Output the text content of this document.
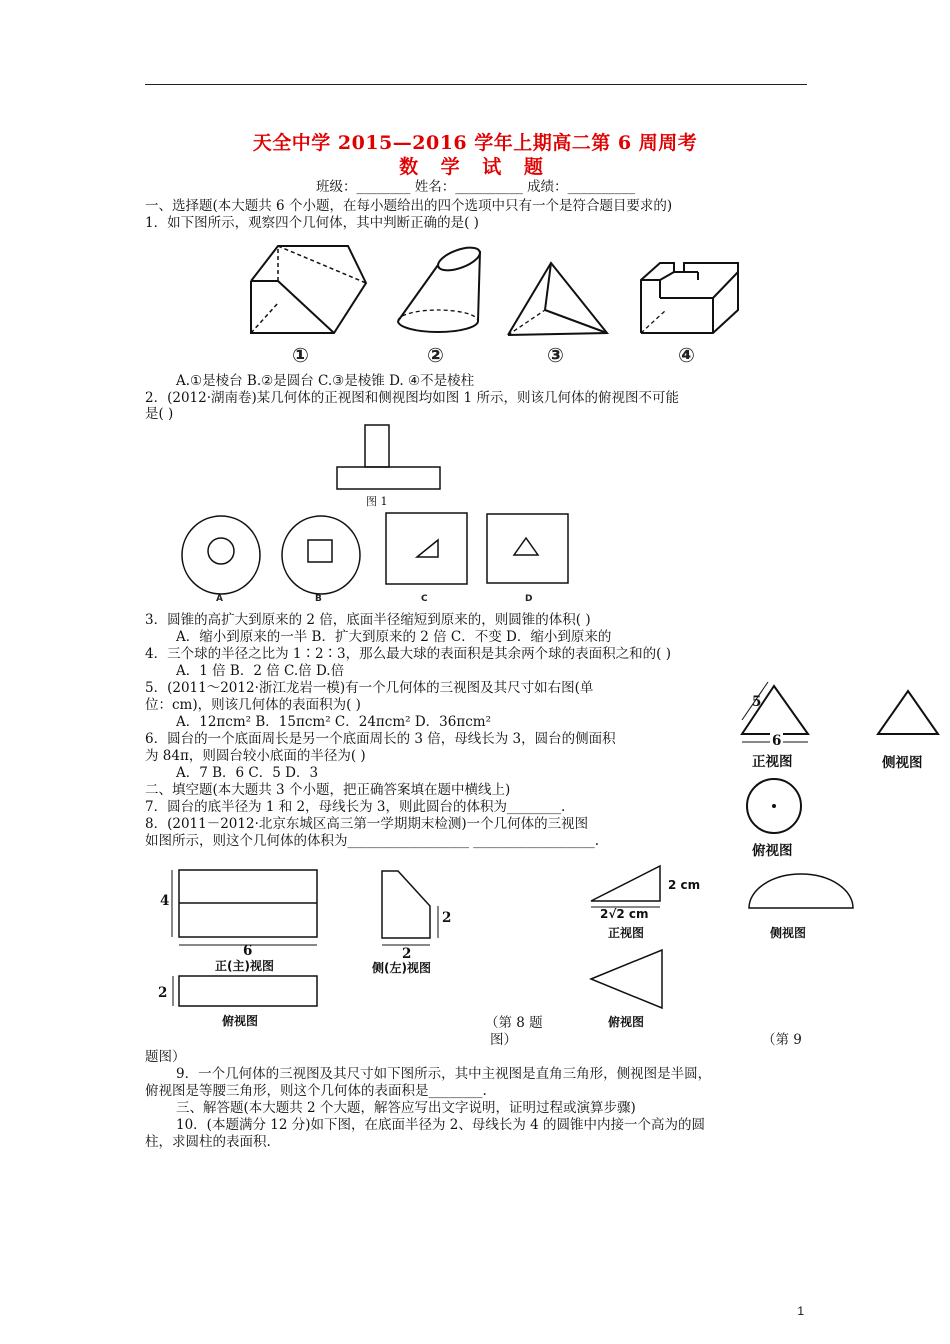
天全中学 2015—2016 学年上期高二第 6 周周考
数 学 试 题
班级：________ 姓名：__________ 成绩：__________
一、选择题(本大题共 6 个小题，在每小题给出的四个选项中只有一个是符合题目要求的)
1．如下图所示，观察四个几何体，其中判断正确的是( )
①	②	③	④
A.①是棱台 B.②是圆台 C.③是棱锥 D. ④不是棱柱
2．(2012·湖南卷)某几何体的正视图和侧视图均如图 1 所示，则该几何体的俯视图不可能
是( )
图 1
A	B	C	D
3．圆锥的高扩大到原来的 2 倍，底面半径缩短到原来的，则圆锥的体积( )
A．缩小到原来的一半 B．扩大到原来的 2 倍 C．不变 D．缩小到原来的
4．三个球的半径之比为 1∶2∶3，那么最大球的表面积是其余两个球的表面积之和的( )
A．1 倍 B．2 倍 C.倍 D.倍
5．(2011～2012·浙江龙岩一模)有一个几何体的三视图及其尺寸如右图(单
位：cm)，则该几何体的表面积为( )
A．12πcm² B．15πcm² C．24πcm² D．36πcm²
6．圆台的一个底面周长是另一个底面周长的 3 倍，母线长为 3，圆台的侧面积
为 84π，则圆台较小底面的半径为( )
A．7 B．6 C．5 D．3
5
6
正视图	侧视图
俯视图
二、填空题(本大题共 3 个小题，把正确答案填在题中横线上)
7．圆台的底半径为 1 和 2，母线长为 3，则此圆台的体积为________.
8．(2011－2012·北京东城区高三第一学期期末检测)一个几何体的三视图
如图所示，则这个几何体的体积为__________________ __________________.
4
6
正(主)视图
2
2
侧(左)视图
2
俯视图
2 cm
2√2 cm
正视图	侧视图
俯视图
（第 8 题
图）	（第 9
题图）
9．一个几何体的三视图及其尺寸如下图所示，其中主视图是直角三角形，侧视图是半圆，
俯视图是等腰三角形，则这个几何体的表面积是________.
三、解答题(本大题共 2 个大题，解答应写出文字说明，证明过程或演算步骤)
10．(本题满分 12 分)如下图，在底面半径为 2、母线长为 4 的圆锥中内接一个高为的圆
柱，求圆柱的表面积.
1
